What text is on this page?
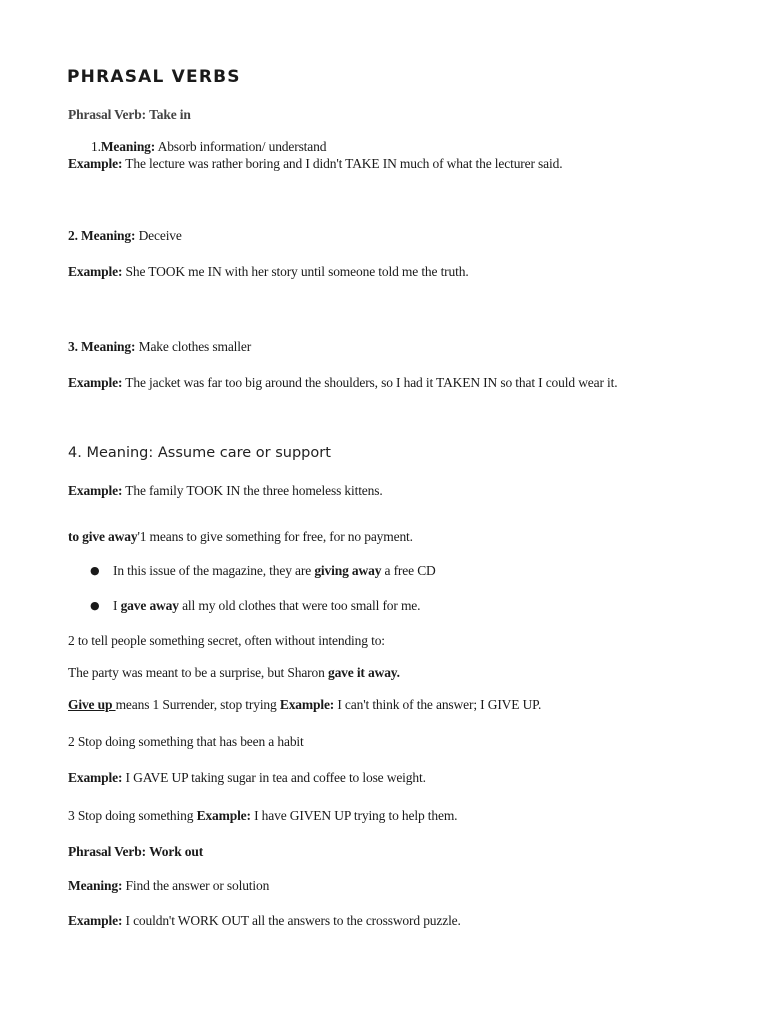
PHRASAL VERBS

Phrasal Verb: Take in

1.Meaning: Absorb information/ understand

Example: The lecture was rather boring and I didn't TAKE IN much of what the lecturer said.

2. Meaning: Deceive

Example: She TOOK me IN with her story until someone told me the truth.

3. Meaning: Make clothes smaller

Example: The jacket was far too big around the shoulders, so I had it TAKEN IN so that I could wear it.

4. Meaning: Assume care or support

Example: The family TOOK IN the three homeless kittens.

to give away'1 means to give something for free, for no payment.

● In this issue of the magazine, they are giving away a free CD

● I gave away all my old clothes that were too small for me.

2 to tell people something secret, often without intending to:

The party was meant to be a surprise, but Sharon gave it away.

Give up means 1 Surrender, stop trying Example: I can't think of the answer; I GIVE UP.

2 Stop doing something that has been a habit

Example: I GAVE UP taking sugar in tea and coffee to lose weight.

3 Stop doing something Example: I have GIVEN UP trying to help them.

Phrasal Verb: Work out

Meaning: Find the answer or solution

Example: I couldn't WORK OUT all the answers to the crossword puzzle.
